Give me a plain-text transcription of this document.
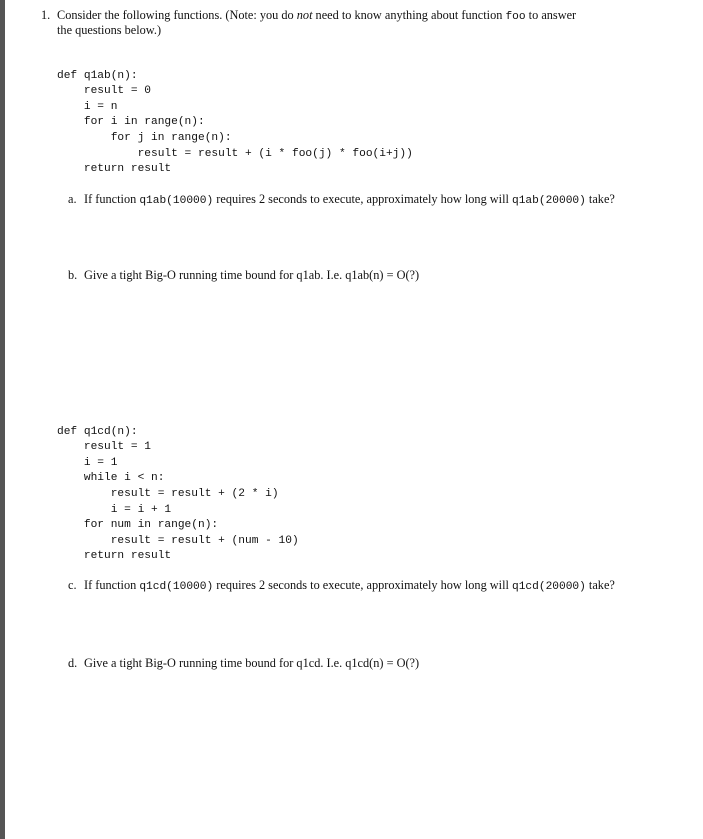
1. Consider the following functions. (Note: you do not need to know anything about function foo to answer
the questions below.)

def q1ab(n):
result = 0
i = n
for i in range(n):
for j in range(n):
result = result + (i * foo(j) * foo(i+j))
return result

a. If function q1ab(10000) requires 2 seconds to execute, approximately how long will q1ab(20000) take?
b. Give a tight Big-O running time bound for q1ab. I.e. q1ab(n) = O(?)

def q1cd(n):
result = 1
i = 1
while i < n:
result = result + (2 * i)
i = i + 1
for num in range(n):
result = result + (num - 10)
return result

c. If function q1cd(10000) requires 2 seconds to execute, approximately how long will q1cd(20000) take?
d. Give a tight Big-O running time bound for q1cd. I.e. q1cd(n) = O(?)
